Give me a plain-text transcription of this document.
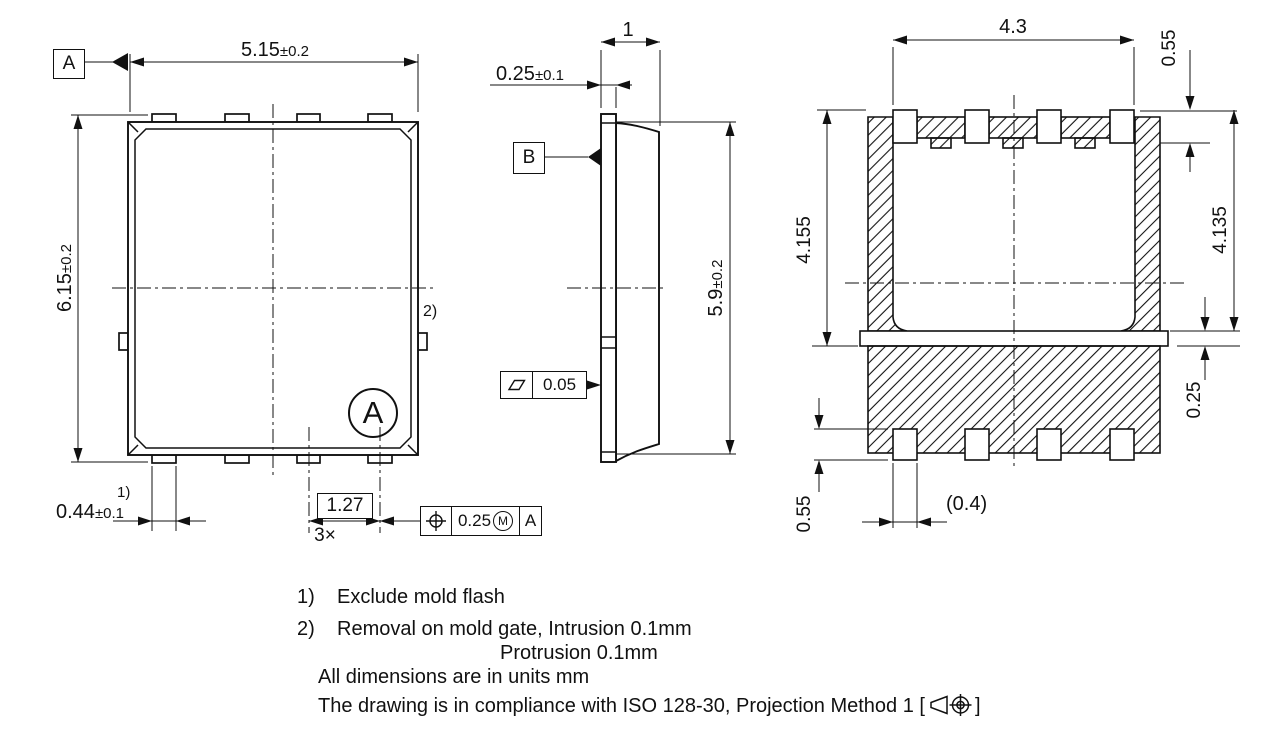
A
5.15±0.2
6.15±0.2
0.44±0.1
1)
1.27
3×
2)
A
0.25 M A
1
0.25±0.1
B
0.05
5.9±0.2
4.3
0.55
4.155	4.135
0.25
0.55	(0.4)
1)	Exclude mold flash
2)	Removal on mold gate, Intrusion 0.1mm
Protrusion 0.1mm
All dimensions are in units mm
The drawing is in compliance with ISO 128-30, Projection Method 1 [	]
